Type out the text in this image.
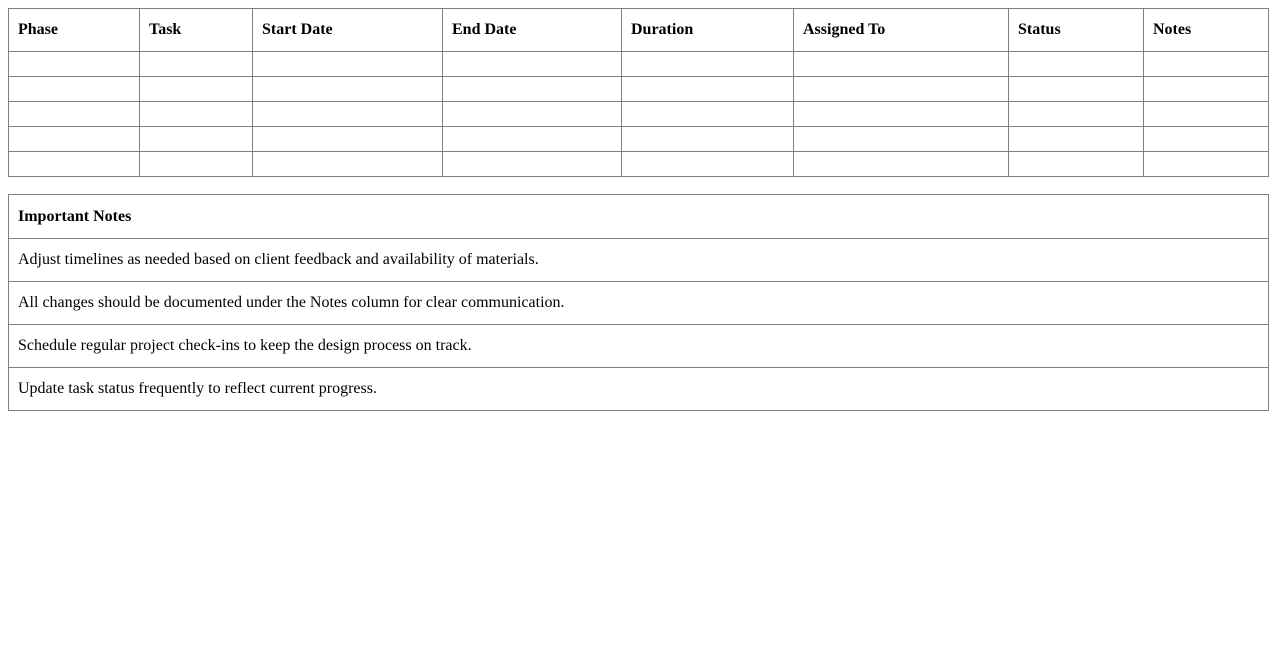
Phase	Task	Start Date	End Date	Duration	Assigned To	Status	Notes

Important Notes
Adjust timelines as needed based on client feedback and availability of materials.
All changes should be documented under the Notes column for clear communication.
Schedule regular project check-ins to keep the design process on track.
Update task status frequently to reflect current progress.
